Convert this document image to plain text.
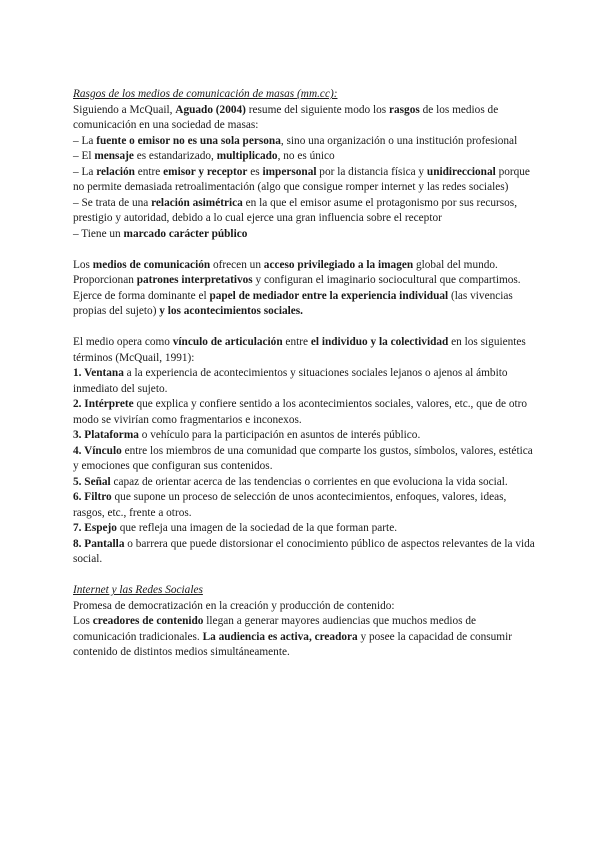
Rasgos de los medios de comunicación de masas (mm.cc):

Siguiendo a McQuail, Aguado (2004) resume del siguiente modo los rasgos de los medios de comunicación en una sociedad de masas:

– La fuente o emisor no es una sola persona, sino una organización o una institución profesional

– El mensaje es estandarizado, multiplicado, no es único

– La relación entre emisor y receptor es impersonal por la distancia física y unidireccional porque no permite demasiada retroalimentación (algo que consigue romper internet y las redes sociales)

– Se trata de una relación asimétrica en la que el emisor asume el protagonismo por sus recursos, prestigio y autoridad, debido a lo cual ejerce una gran influencia sobre el receptor

– Tiene un marcado carácter público

Los medios de comunicación ofrecen un acceso privilegiado a la imagen global del mundo. Proporcionan patrones interpretativos y configuran el imaginario sociocultural que compartimos. Ejerce de forma dominante el papel de mediador entre la experiencia individual (las vivencias propias del sujeto) y los acontecimientos sociales.

El medio opera como vínculo de articulación entre el individuo y la colectividad en los siguientes términos (McQuail, 1991):

1. Ventana a la experiencia de acontecimientos y situaciones sociales lejanos o ajenos al ámbito inmediato del sujeto.

2. Intérprete que explica y confiere sentido a los acontecimientos sociales, valores, etc., que de otro modo se vivirían como fragmentarios e inconexos.

3. Plataforma o vehículo para la participación en asuntos de interés público.

4. Vínculo entre los miembros de una comunidad que comparte los gustos, símbolos, valores, estética y emociones que configuran sus contenidos.

5. Señal capaz de orientar acerca de las tendencias o corrientes en que evoluciona la vida social.

6. Filtro que supone un proceso de selección de unos acontecimientos, enfoques, valores, ideas, rasgos, etc., frente a otros.

7. Espejo que refleja una imagen de la sociedad de la que forman parte.

8. Pantalla o barrera que puede distorsionar el conocimiento público de aspectos relevantes de la vida social.

Internet y las Redes Sociales

Promesa de democratización en la creación y producción de contenido:

Los creadores de contenido llegan a generar mayores audiencias que muchos medios de comunicación tradicionales. La audiencia es activa, creadora y posee la capacidad de consumir contenido de distintos medios simultáneamente.
